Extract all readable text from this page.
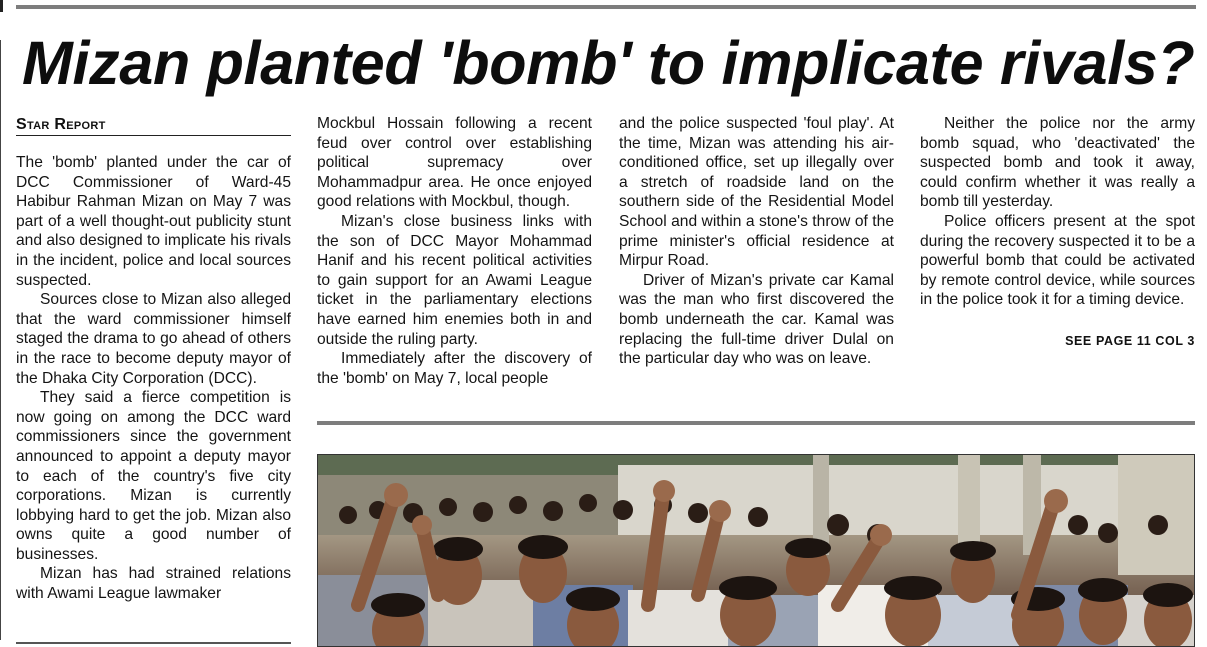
Mizan planted 'bomb' to implicate rivals?
Star Report

The 'bomb' planted under the car of DCC Commissioner of Ward-45 Habibur Rahman Mizan on May 7 was part of a well thought-out publicity stunt and also designed to implicate his rivals in the incident, police and local sources suspected.

Sources close to Mizan also alleged that the ward commissioner himself staged the drama to go ahead of others in the race to become deputy mayor of the Dhaka City Corporation (DCC).

They said a fierce competition is now going on among the DCC ward commissioners since the government announced to appoint a deputy mayor to each of the country's five city corporations. Mizan is currently lobbying hard to get the job. Mizan also owns quite a good number of businesses.

Mizan has had strained relations with Awami League lawmaker

Mockbul Hossain following a recent feud over control over establishing political supremacy over Mohammadpur area. He once enjoyed good relations with Mockbul, though.

Mizan's close business links with the son of DCC Mayor Mohammad Hanif and his recent political activities to gain support for an Awami League ticket in the parliamentary elections have earned him enemies both in and outside the ruling party.

Immediately after the discovery of the 'bomb' on May 7, local people

and the police suspected 'foul play'. At the time, Mizan was attending his air-conditioned office, set up illegally over a stretch of roadside land on the southern side of the Residential Model School and within a stone's throw of the prime minister's official residence at Mirpur Road.

Driver of Mizan's private car Kamal was the man who first discovered the bomb underneath the car. Kamal was replacing the full-time driver Dulal on the particular day who was on leave.

Neither the police nor the army bomb squad, who 'deactivated' the suspected bomb and took it away, could confirm whether it was really a bomb till yesterday.

Police officers present at the spot during the recovery suspected it to be a powerful bomb that could be activated by remote control device, while sources in the police took it for a timing device.

SEE PAGE 11 COL 3
